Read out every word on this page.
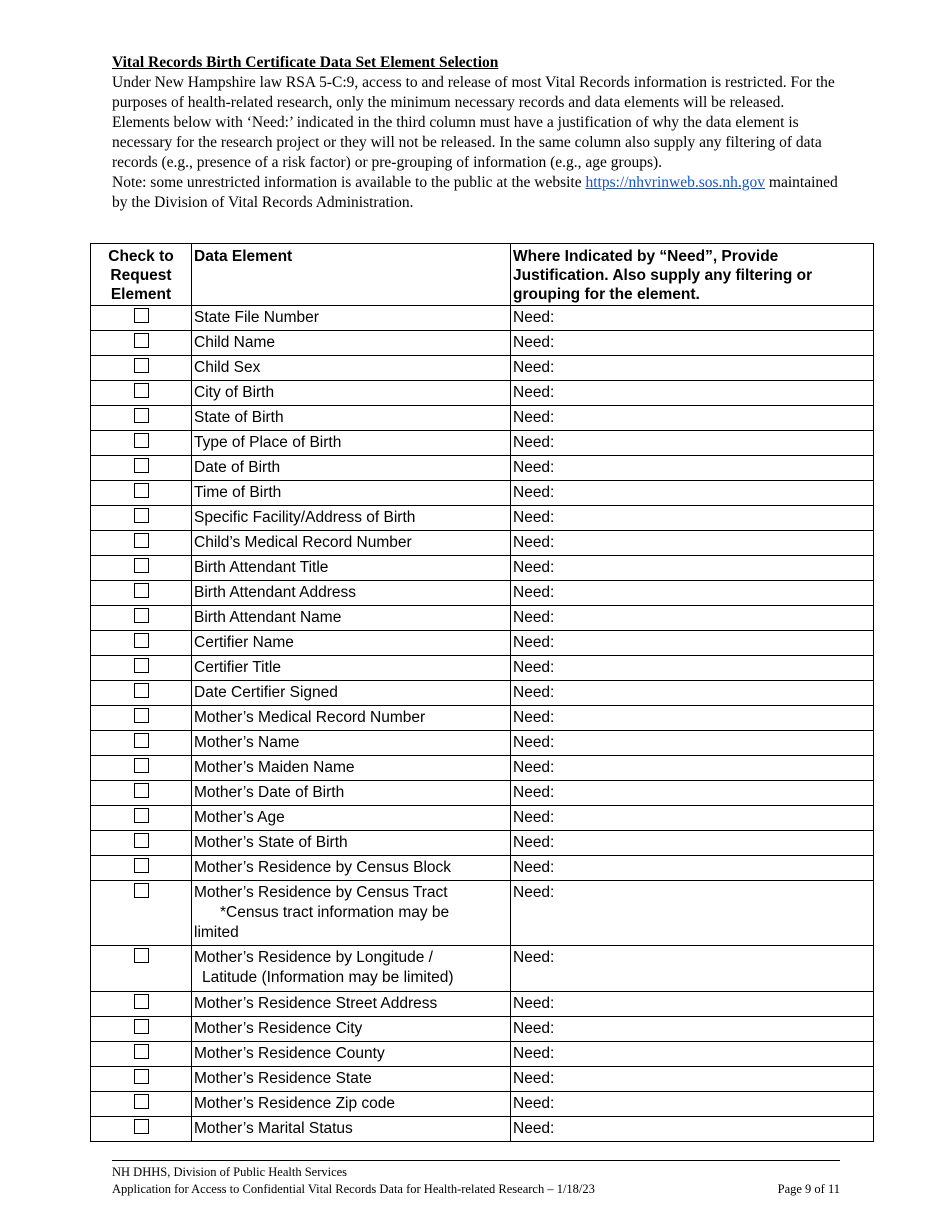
Vital Records Birth Certificate Data Set Element Selection

Under New Hampshire law RSA 5-C:9, access to and release of most Vital Records information is restricted. For the purposes of health-related research, only the minimum necessary records and data elements will be released. Elements below with ‘Need:’ indicated in the third column must have a justification of why the data element is necessary for the research project or they will not be released. In the same column also supply any filtering of data records (e.g., presence of a risk factor) or pre-grouping of information (e.g., age groups).

Note: some unrestricted information is available to the public at the website https://nhvrinweb.sos.nh.gov maintained by the Division of Vital Records Administration.

Check to Request Element	Data Element	Where Indicated by “Need”, Provide Justification. Also supply any filtering or grouping for the element.

	State File Number	Need:

	Child Name	Need:

	Child Sex	Need:

	City of Birth	Need:

	State of Birth	Need:

	Type of Place of Birth	Need:

	Date of Birth	Need:

	Time of Birth	Need:

	Specific Facility/Address of Birth	Need:

	Child’s Medical Record Number	Need:

	Birth Attendant Title	Need:

	Birth Attendant Address	Need:

	Birth Attendant Name	Need:

	Certifier Name	Need:

	Certifier Title	Need:

	Date Certifier Signed	Need:

	Mother’s Medical Record Number	Need:

	Mother’s Name	Need:

	Mother’s Maiden Name	Need:

	Mother’s Date of Birth	Need:

	Mother’s Age	Need:

	Mother’s State of Birth	Need:

	Mother’s Residence by Census Block	Need:

	Mother’s Residence by Census Tract
*Census tract information may be
limited	Need:

	Mother’s Residence by Longitude /
Latitude (Information may be limited)	Need:

	Mother’s Residence Street Address	Need:

	Mother’s Residence City	Need:

	Mother’s Residence County	Need:

	Mother’s Residence State	Need:

	Mother’s Residence Zip code	Need:

	Mother’s Marital Status	Need:
NH DHHS, Division of Public Health Services
Application for Access to Confidential Vital Records Data for Health-related Research – 1/18/23	Page 9 of 11
